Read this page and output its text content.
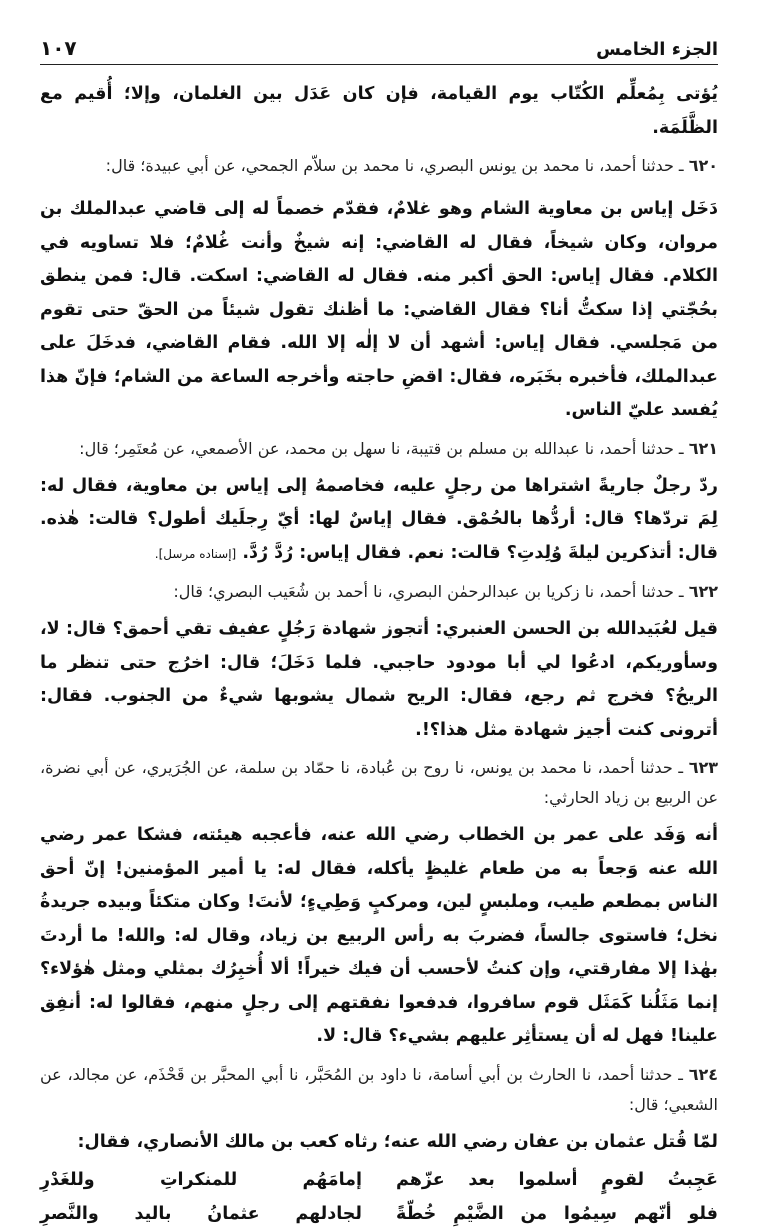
الجزء الخامس
١٠٧

يُؤتى بِمُعلِّم الكُتّاب يوم القيامة، فإن كان عَدَل بين الغلمان، وإلا؛ أُقيم مع الظَّلَمَة.

٦٢٠ ـ حدثنا أحمد، نا محمد بن يونس البصري، نا محمد بن سلاّم الجمحي، عن أبي عبيدة؛ قال:

دَخَل إياس بن معاوية الشام وهو غلامٌ، فقدّم خصماً له إلى قاضي عبدالملك بن مروان، وكان شيخاً، فقال له القاضي: إنه شيخٌ وأنت غُلامٌ؛ فلا تساويه في الكلام. فقال إياس: الحق أكبر منه. فقال له القاضي: اسكت. قال: فمن ينطق بحُجّتي إذا سكتُّ أنا؟ فقال القاضي: ما أظنك تقول شيئاً من الحقّ حتى تقوم من مَجلسي. فقال إياس: أشهد أن لا إلٰه إلا الله. فقام القاضي، فدخَلَ على عبدالملك، فأخبره بخَبَره، فقال: اقضِ حاجته وأخرجه الساعة من الشام؛ فإنّ هذا يُفسد عليّ الناس.

٦٢١ ـ حدثنا أحمد، نا عبدالله بن مسلم بن قتيبة، نا سهل بن محمد، عن الأصمعي، عن مُعتَمِر؛ قال:

ردّ رجلٌ جاريةً اشتراها من رجلٍ عليه، فخاصمهُ إلى إياس بن معاوية، فقال له: لِمَ تردّها؟ قال: أردُّها بالحُمْق. فقال إياسٌ لها: أيّ رِجلَيك أطول؟ قالت: هٰذه. قال: أتذكرين ليلةَ وُلِدتِ؟ قالت: نعم. فقال إياس: رُدَّ رُدَّ. [إسناده مرسل].

٦٢٢ ـ حدثنا أحمد، نا زكريا بن عبدالرحمٰن البصري، نا أحمد بن شُعَيب البصري؛ قال:

قيل لعُبَيدالله بن الحسن العنبري: أتجوز شهادة رَجُلٍ عفيف تقي أحمق؟ قال: لا، وسأوريكم، ادعُوا لي أبا مودود حاجبي. فلما دَخَلَ؛ قال: اخرُج حتى تنظر ما الريحُ؟ فخرج ثم رجع، فقال: الريح شمال يشوبها شيءٌ من الجنوب. فقال: أترونى كنت أجيز شهادة مثل هذا؟!.

٦٢٣ ـ حدثنا أحمد، نا محمد بن يونس، نا روح بن عُبادة، نا حمّاد بن سلمة، عن الجُرَيري، عن أبي نضرة، عن الربيع بن زياد الحارثي:

أنه وَفَد على عمر بن الخطاب رضي الله عنه، فأعجبه هيئته، فشكا عمر رضي الله عنه وَجعاً به من طعام غليظٍ يأكله، فقال له: يا أمير المؤمنين! إنّ أحق الناس بمطعم طيب، وملبسٍ لين، ومركبٍ وَطِيءٍ؛ لأنتَ! وكان متكئاً وبيده جريدةُ نخل؛ فاستوى جالساً، فضربَ به رأس الربيع بن زياد، وقال له: والله! ما أردتَ بهٰذا إلا مفارقتي، وإن كنتُ لأحسب أن فيك خيراً! ألا أُخبِرُك بمثلي ومثل هٰؤلاء؟ إنما مَثَلُنا كَمَثَل قوم سافروا، فدفعوا نفقتهم إلى رجلٍ منهم، فقالوا له: أنفِق علينا! فهل له أن يستأثِر عليهم بشيء؟ قال: لا.

٦٢٤ ـ حدثنا أحمد، نا الحارث بن أبي أسامة، نا داود بن المُحَبَّر، نا أبي المحبَّر بن قَحْذَم، عن مجالد، عن الشعبي؛ قال:

لمّا قُتل عثمان بن عفان رضي الله عنه؛ رثاه كعب بن مالك الأنصاري، فقال:

عَجِبتُ لقومٍ أسلموا بعد عزّهم
إمامَهُم للمنكراتِ وللغَدْرِ
فلو أنّهم سِيمُوا من الضَّيْمِ خُطّةً
لجادلهم عثمانُ باليد والنَّصرِ
